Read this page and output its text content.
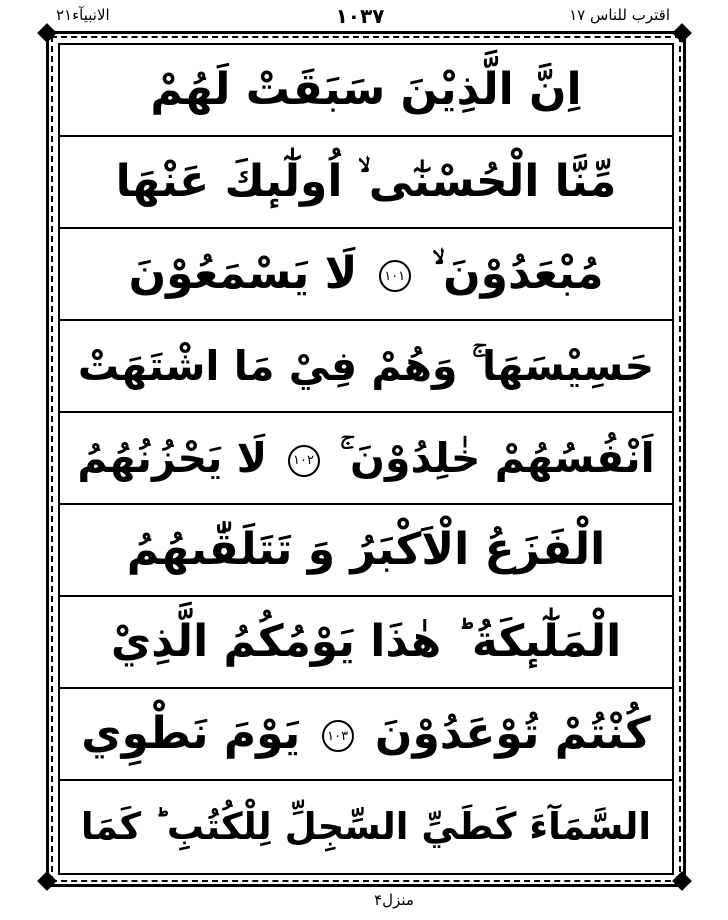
الانبیآء۲۱	۱۰۳۷	اقترب للناس ۱۷
اِنَّ الَّذِيْنَ سَبَقَتْ لَهُمْ
مِّنَّا الْحُسْنٰٓى ۙ اُولٰٓىٕكَ عَنْهَا
مُبْعَدُوْنَ ۙ ۱۰۱ لَا يَسْمَعُوْنَ
حَسِيْسَهَا ۚ وَهُمْ فِيْ مَا اشْتَهَتْ
اَنْفُسُهُمْ خٰلِدُوْنَ ۚ ۱۰۲ لَا يَحْزُنُهُمُ
الْفَزَعُ الْاَكْبَرُ وَ تَتَلَقّٰىهُمُ
الْمَلٰٓىٕكَةُ ؕ هٰذَا يَوْمُكُمُ الَّذِيْ
كُنْتُمْ تُوْعَدُوْنَ ۱۰۳ يَوْمَ نَطْوِي
السَّمَآءَ كَطَيِّ السِّجِلِّ لِلْكُتُبِ ؕ كَمَا
منزل۴
